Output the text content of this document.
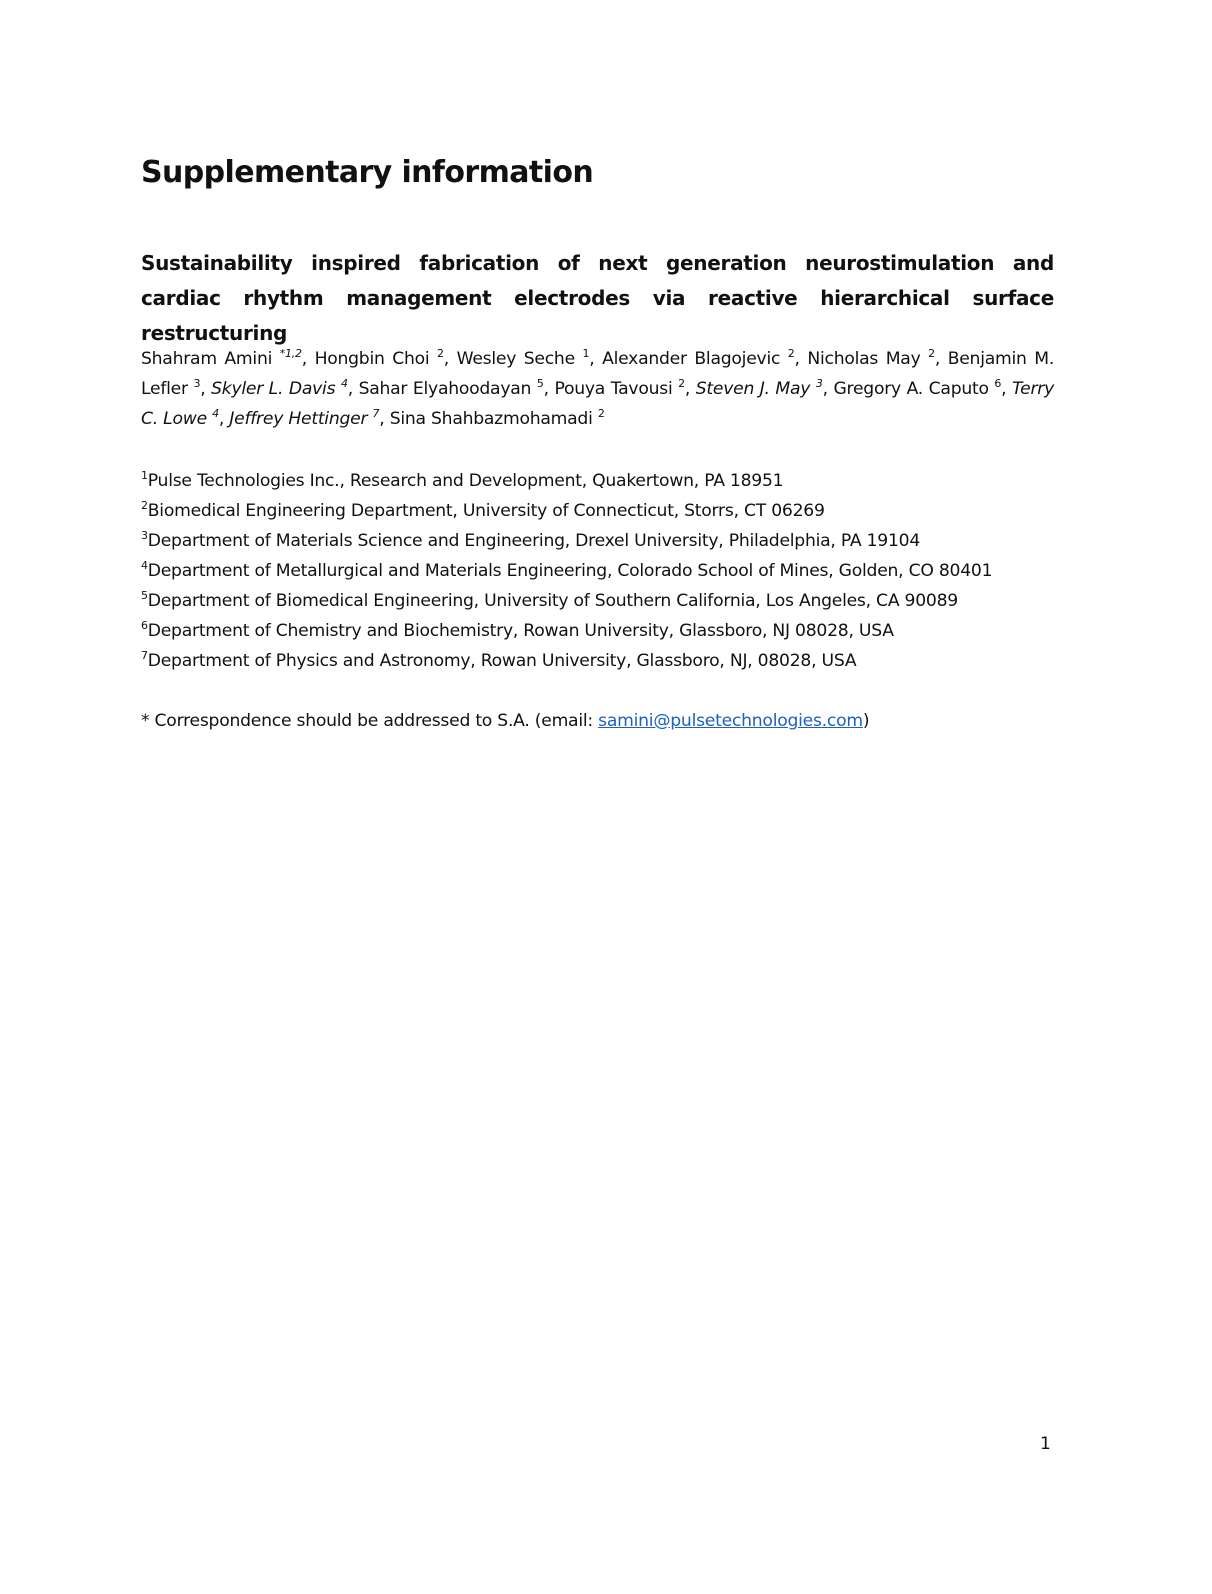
Supplementary information
Sustainability inspired fabrication of next generation neurostimulation and cardiac rhythm management electrodes via reactive hierarchical surface restructuring

Shahram Amini $^{*1,2}$, Hongbin Choi $^2$, Wesley Seche $^1$, Alexander Blagojevic $^2$, Nicholas May $^2$, Benjamin M. Lefler $^3$, Skyler L. Davis $^4$, Sahar Elyahoodayan $^5$, Pouya Tavousi $^2$, Steven J. May $^3$, Gregory A. Caputo $^6$, Terry C. Lowe $^4$, Jeffrey Hettinger $^7$, Sina Shahbazmohamadi $^2$

$^1$Pulse Technologies Inc., Research and Development, Quakertown, PA 18951
$^2$Biomedical Engineering Department, University of Connecticut, Storrs, CT 06269
$^3$Department of Materials Science and Engineering, Drexel University, Philadelphia, PA 19104
$^4$Department of Metallurgical and Materials Engineering, Colorado School of Mines, Golden, CO 80401
$^5$Department of Biomedical Engineering, University of Southern California, Los Angeles, CA 90089
$^6$Department of Chemistry and Biochemistry, Rowan University, Glassboro, NJ 08028, USA
$^7$Department of Physics and Astronomy, Rowan University, Glassboro, NJ, 08028, USA
* Correspondence should be addressed to S.A. (email: samini@pulsetechnologies.com)
1
